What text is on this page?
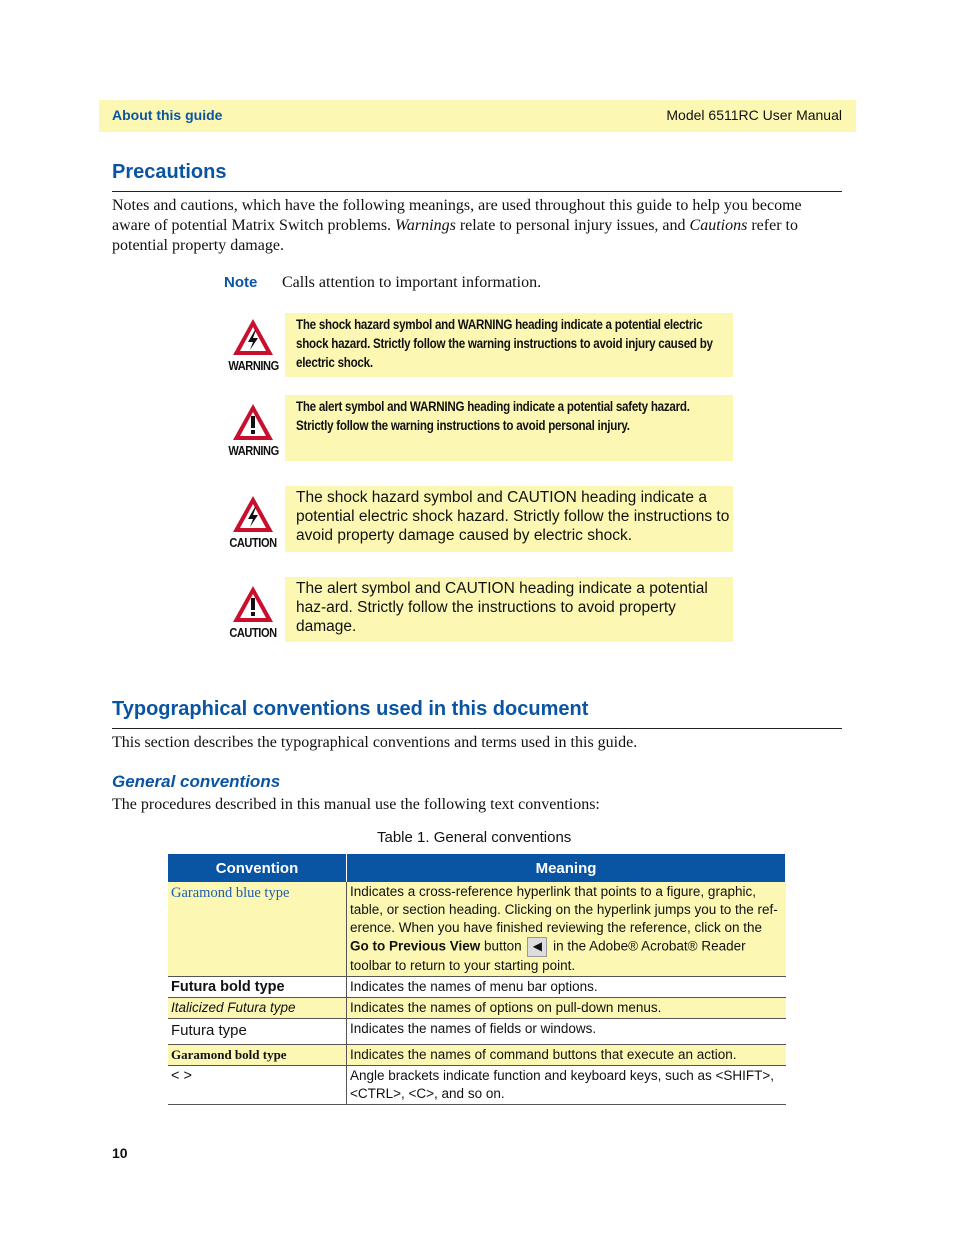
About this guide	Model 6511RC User Manual
Precautions

Notes and cautions, which have the following meanings, are used throughout this guide to help you become aware of potential Matrix Switch problems. Warnings relate to personal injury issues, and Cautions refer to potential property damage.

Note Calls attention to important information.
WARNING
The shock hazard symbol and WARNING heading indicate a potential electric shock hazard. Strictly follow the warning instructions to avoid injury caused by electric shock.
WARNING
The alert symbol and WARNING heading indicate a potential safety hazard. Strictly follow the warning instructions to avoid personal injury.
CAUTION
The shock hazard symbol and CAUTION heading indicate a potential electric shock hazard. Strictly follow the instructions to avoid property damage caused by electric shock.
CAUTION
The alert symbol and CAUTION heading indicate a potential haz-ard. Strictly follow the instructions to avoid property damage.
Typographical conventions used in this document

This section describes the typographical conventions and terms used in this guide.

General conventions

The procedures described in this manual use the following text conventions:

Table 1. General conventions
Convention	Meaning
Garamond blue type	Indicates a cross-reference hyperlink that points to a figure, graphic, table, or section heading. Clicking on the hyperlink jumps you to the ref-erence. When you have finished reviewing the reference, click on the
Go to Previous View button ◀ in the Adobe® Acrobat® Reader toolbar to return to your starting point.
Futura bold type	Indicates the names of menu bar options.
Italicized Futura type	Indicates the names of options on pull-down menus.
Futura type	Indicates the names of fields or windows.
Garamond bold type	Indicates the names of command buttons that execute an action.
< >	Angle brackets indicate function and keyboard keys, such as <SHIFT>, <CTRL>, <C>, and so on.
10
